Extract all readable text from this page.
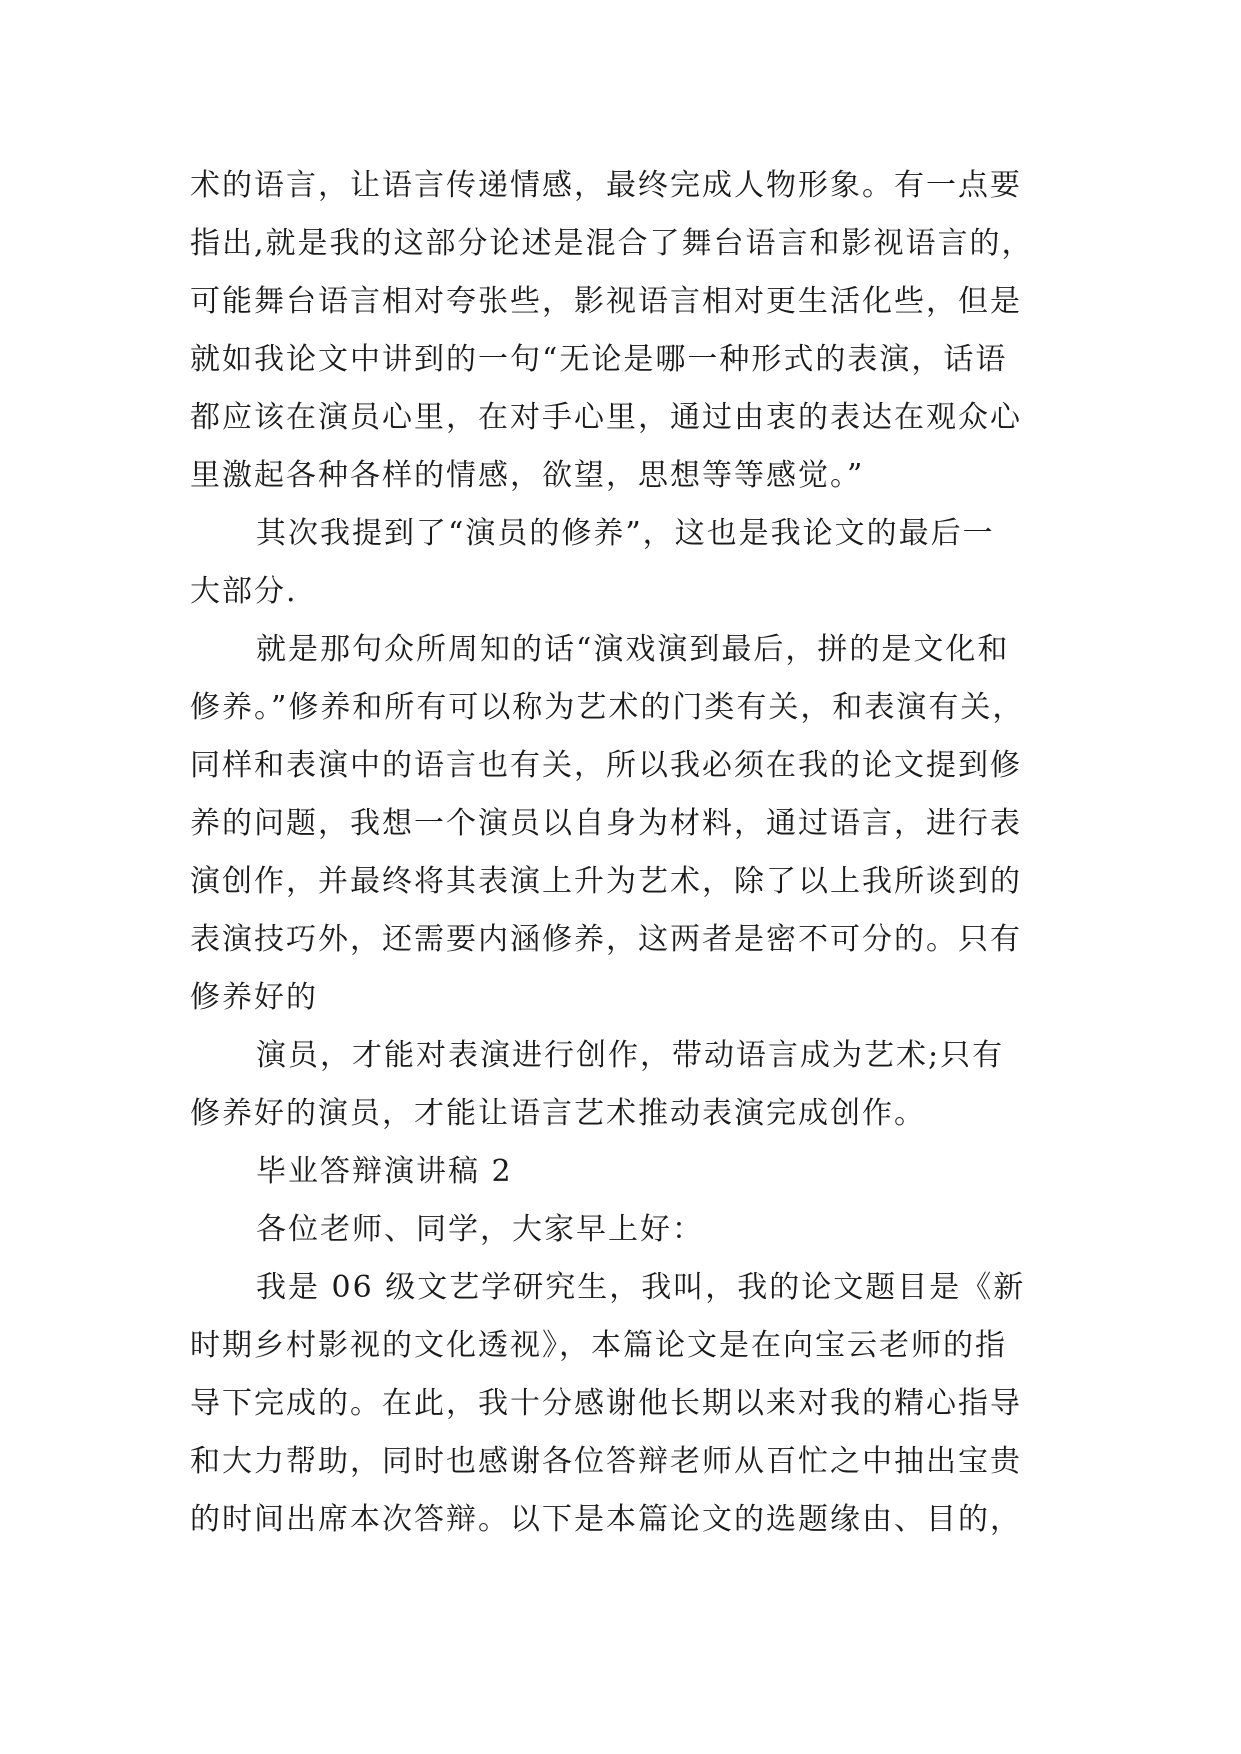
术的语言，让语言传递情感，最终完成人物形象。有一点要
指出,就是我的这部分论述是混合了舞台语言和影视语言的，
可能舞台语言相对夸张些，影视语言相对更生活化些，但是
就如我论文中讲到的一句“无论是哪一种形式的表演，话语
都应该在演员心里，在对手心里，通过由衷的表达在观众心
里激起各种各样的情感，欲望，思想等等感觉。”
其次我提到了“演员的修养”，这也是我论文的最后一
大部分.
就是那句众所周知的话“演戏演到最后，拼的是文化和
修养。”修养和所有可以称为艺术的门类有关，和表演有关，
同样和表演中的语言也有关，所以我必须在我的论文提到修
养的问题，我想一个演员以自身为材料，通过语言，进行表
演创作，并最终将其表演上升为艺术，除了以上我所谈到的
表演技巧外，还需要内涵修养，这两者是密不可分的。只有
修养好的
演员，才能对表演进行创作，带动语言成为艺术;只有
修养好的演员，才能让语言艺术推动表演完成创作。
毕业答辩演讲稿 2
各位老师、同学，大家早上好：
我是 06 级文艺学研究生，我叫，我的论文题目是《新
时期乡村影视的文化透视》，本篇论文是在向宝云老师的指
导下完成的。在此，我十分感谢他长期以来对我的精心指导
和大力帮助，同时也感谢各位答辩老师从百忙之中抽出宝贵
的时间出席本次答辩。以下是本篇论文的选题缘由、目的，
